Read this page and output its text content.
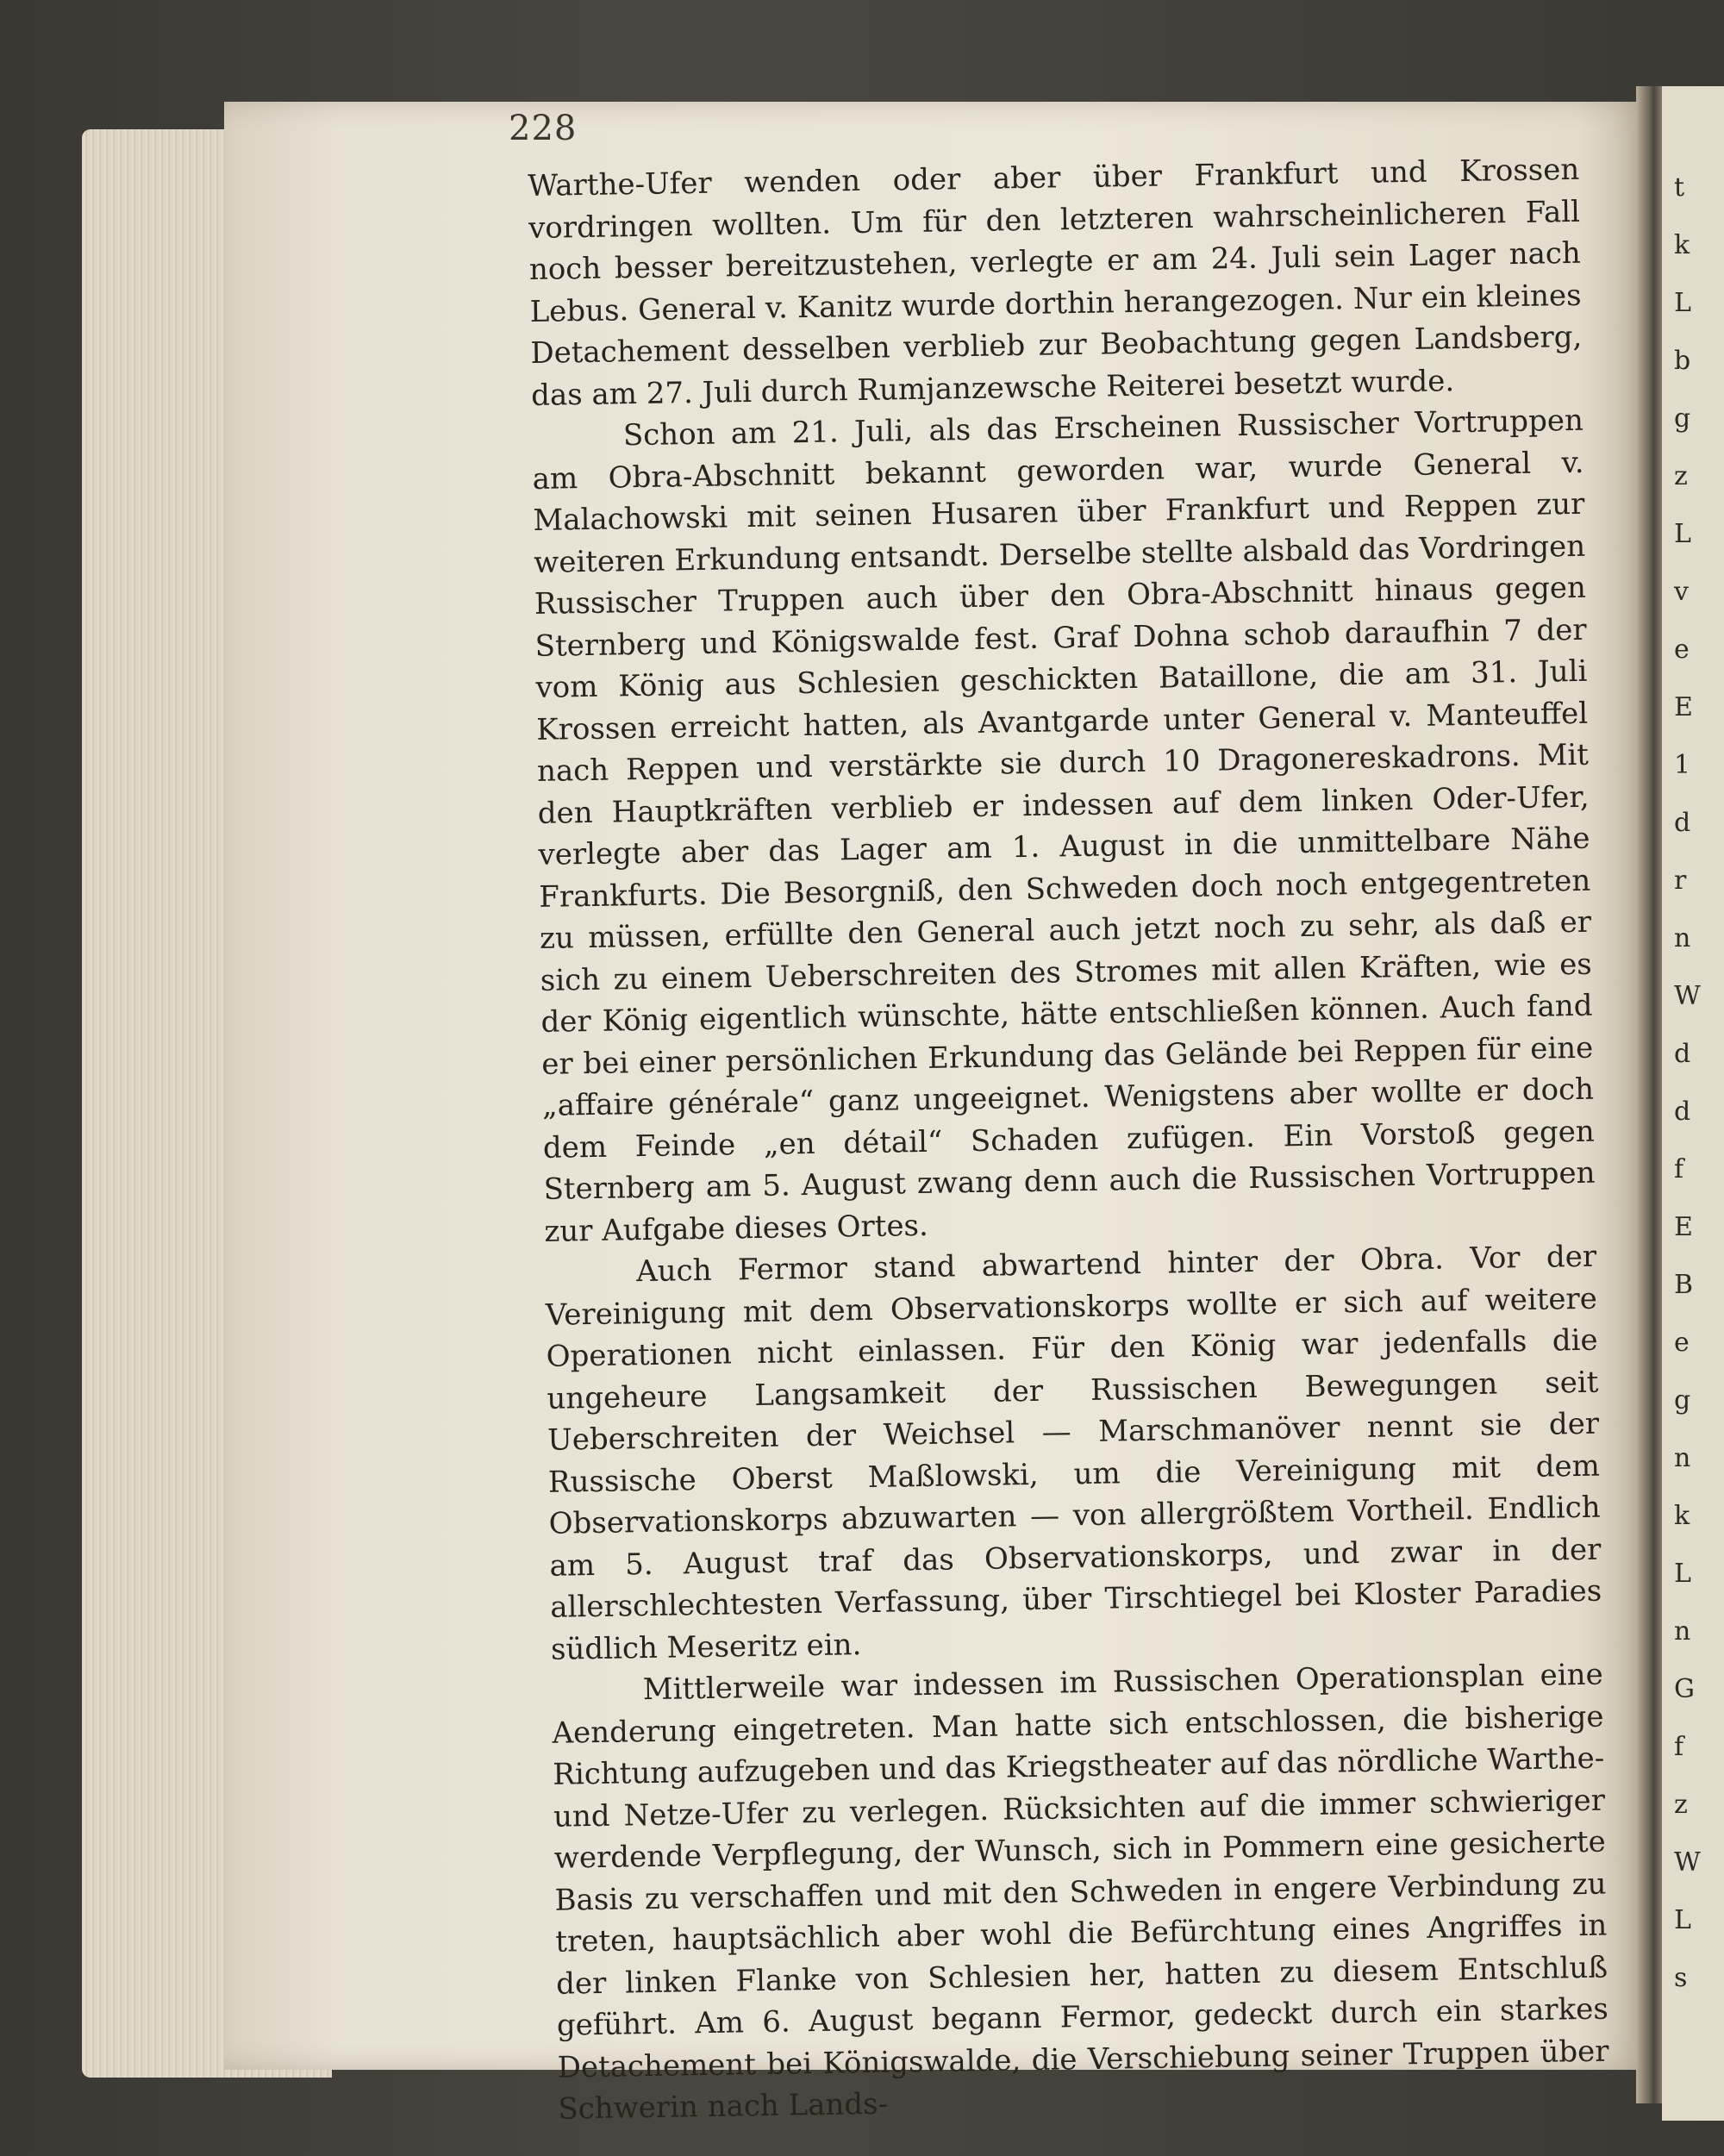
t
k
L
b
g
z
L
v
e
E
1
d
r
n
W
d
d
f
E
B
e
g
n
k
L
n
G
f
z
W
L
s
228

Warthe-Ufer wenden oder aber über Frankfurt und Krossen vordringen wollten. Um für den letzteren wahrscheinlicheren Fall noch besser bereitzustehen, verlegte er am 24. Juli sein Lager nach Lebus. General v. Kanitz wurde dorthin herangezogen. Nur ein kleines Detachement desselben verblieb zur Beobachtung gegen Landsberg, das am 27. Juli durch Rumjanzewsche Reiterei besetzt wurde.

Schon am 21. Juli, als das Erscheinen Russischer Vortruppen am Obra-Abschnitt bekannt geworden war, wurde General v. Malachowski mit seinen Husaren über Frankfurt und Reppen zur weiteren Erkundung entsandt. Derselbe stellte alsbald das Vordringen Russischer Truppen auch über den Obra-Abschnitt hinaus gegen Sternberg und Königswalde fest. Graf Dohna schob daraufhin 7 der vom König aus Schlesien geschickten Bataillone, die am 31. Juli Krossen erreicht hatten, als Avantgarde unter General v. Manteuffel nach Reppen und verstärkte sie durch 10 Dragonereskadrons. Mit den Hauptkräften verblieb er indessen auf dem linken Oder-Ufer, verlegte aber das Lager am 1. August in die unmittelbare Nähe Frankfurts. Die Besorgniß, den Schweden doch noch entgegentreten zu müssen, erfüllte den General auch jetzt noch zu sehr, als daß er sich zu einem Ueberschreiten des Stromes mit allen Kräften, wie es der König eigentlich wünschte, hätte entschließen können. Auch fand er bei einer persönlichen Erkundung das Gelände bei Reppen für eine „affaire générale“ ganz ungeeignet. Wenigstens aber wollte er doch dem Feinde „en détail“ Schaden zufügen. Ein Vorstoß gegen Sternberg am 5. August zwang denn auch die Russischen Vortruppen zur Aufgabe dieses Ortes.

Auch Fermor stand abwartend hinter der Obra. Vor der Vereinigung mit dem Observationskorps wollte er sich auf weitere Operationen nicht einlassen. Für den König war jedenfalls die ungeheure Langsamkeit der Russischen Bewegungen seit Ueberschreiten der Weichsel — Marschmanöver nennt sie der Russische Oberst Maßlowski, um die Vereinigung mit dem Observationskorps abzuwarten — von allergrößtem Vortheil. Endlich am 5. August traf das Observationskorps, und zwar in der allerschlechtesten Verfassung, über Tirschtiegel bei Kloster Paradies südlich Meseritz ein.

Mittlerweile war indessen im Russischen Operationsplan eine Aenderung eingetreten. Man hatte sich entschlossen, die bisherige Richtung aufzugeben und das Kriegstheater auf das nördliche Warthe- und Netze-Ufer zu verlegen. Rücksichten auf die immer schwieriger werdende Verpflegung, der Wunsch, sich in Pommern eine gesicherte Basis zu verschaffen und mit den Schweden in engere Verbindung zu treten, hauptsächlich aber wohl die Befürchtung eines Angriffes in der linken Flanke von Schlesien her, hatten zu diesem Entschluß geführt. Am 6. August begann Fermor, gedeckt durch ein starkes Detachement bei Königswalde, die Verschiebung seiner Truppen über Schwerin nach Lands-
